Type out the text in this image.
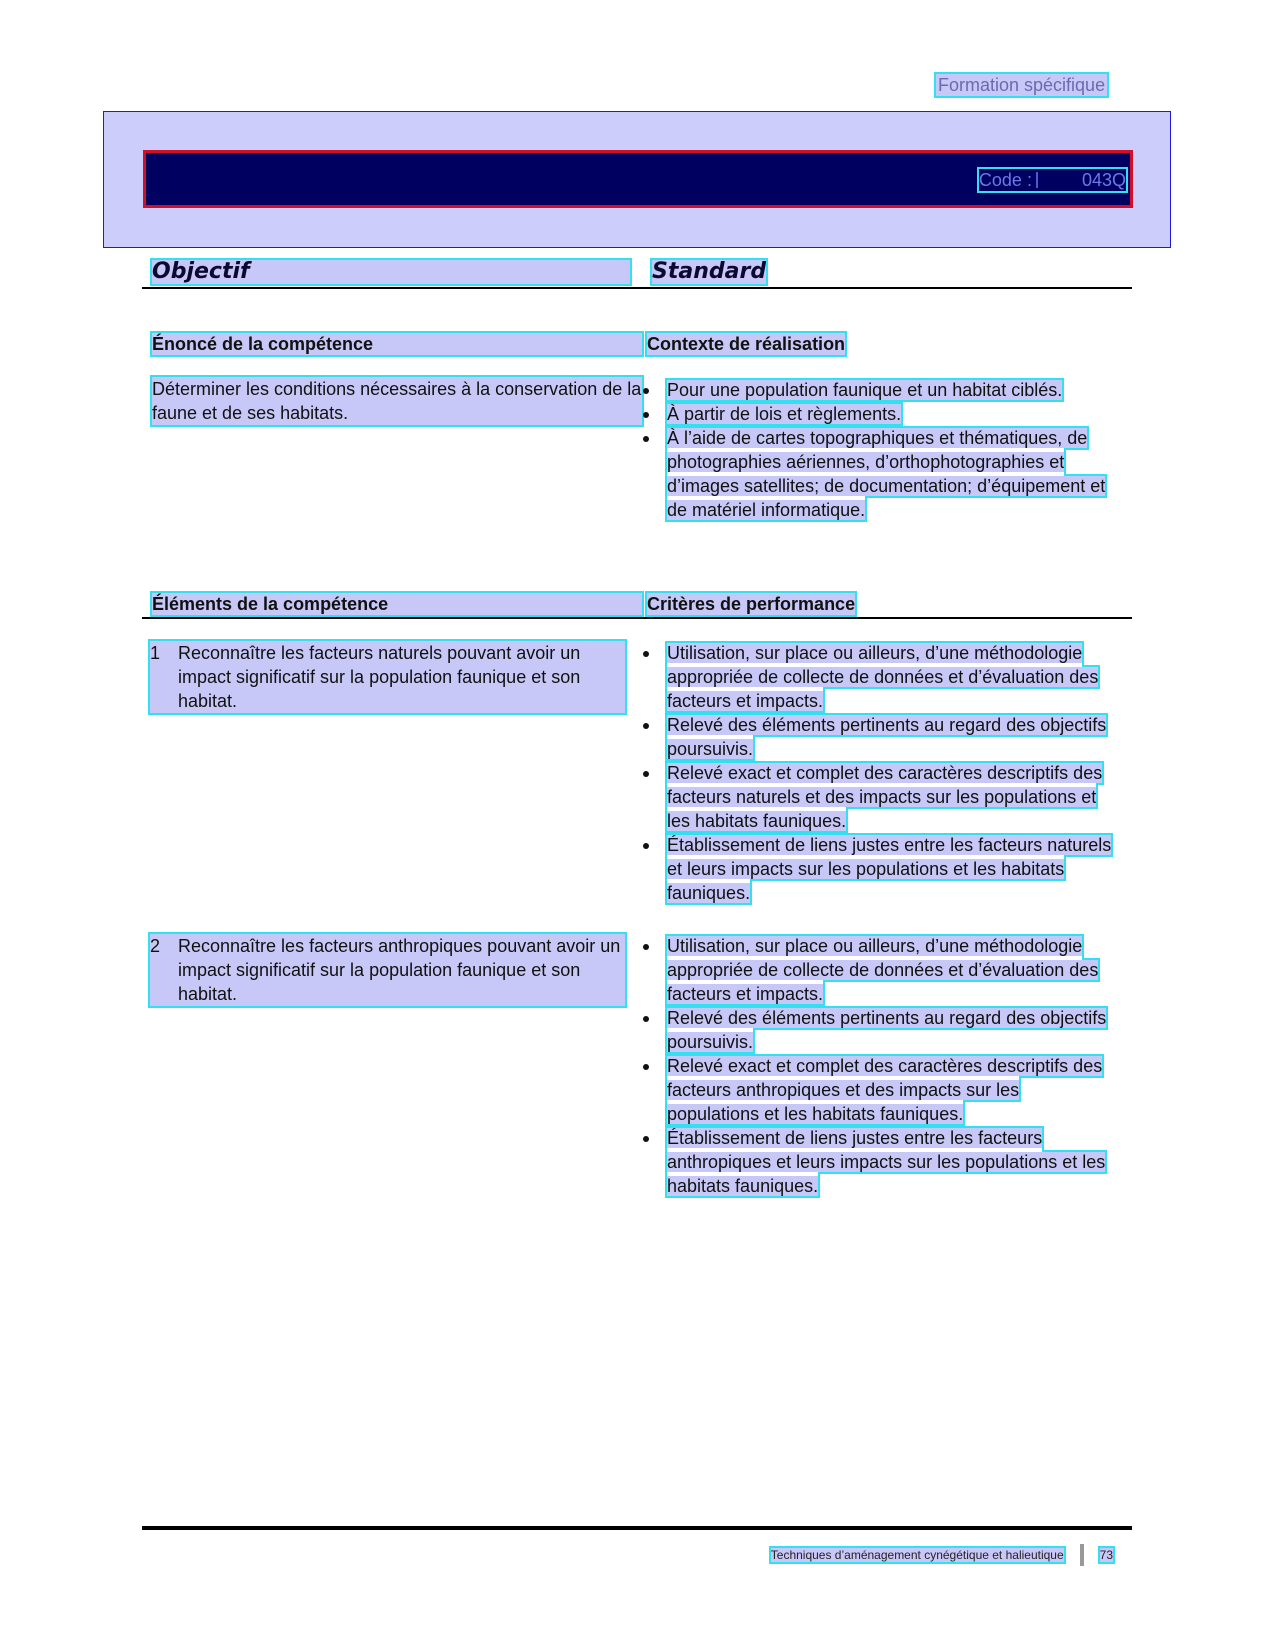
Formation spécifique
Code :	043Q
Objectif	Standard
Énoncé de la compétence	Contexte de réalisation
Déterminer les conditions nécessaires à la conservation de la faune et de ses habitats.
Pour une population faunique et un habitat ciblés.
À partir de lois et règlements.
À l’aide de cartes topographiques et thématiques, de photographies aériennes, d’orthophotographies et d’images satellites; de documentation; d’équipement et de matériel informatique.
Éléments de la compétence	Critères de performance
1 Reconnaître les facteurs naturels pouvant avoir un impact significatif sur la population faunique et son habitat.
Utilisation, sur place ou ailleurs, d’une méthodologie appropriée de collecte de données et d’évaluation des facteurs et impacts.
Relevé des éléments pertinents au regard des objectifs poursuivis.
Relevé exact et complet des caractères descriptifs des facteurs naturels et des impacts sur les populations et les habitats fauniques.
Établissement de liens justes entre les facteurs naturels et leurs impacts sur les populations et les habitats fauniques.
2 Reconnaître les facteurs anthropiques pouvant avoir un impact significatif sur la population faunique et son habitat.
Utilisation, sur place ou ailleurs, d’une méthodologie appropriée de collecte de données et d’évaluation des facteurs et impacts.
Relevé des éléments pertinents au regard des objectifs poursuivis.
Relevé exact et complet des caractères descriptifs des facteurs anthropiques et des impacts sur les populations et les habitats fauniques.
Établissement de liens justes entre les facteurs anthropiques et leurs impacts sur les populations et les habitats fauniques.
Techniques d’aménagement cynégétique et halieutique	73
